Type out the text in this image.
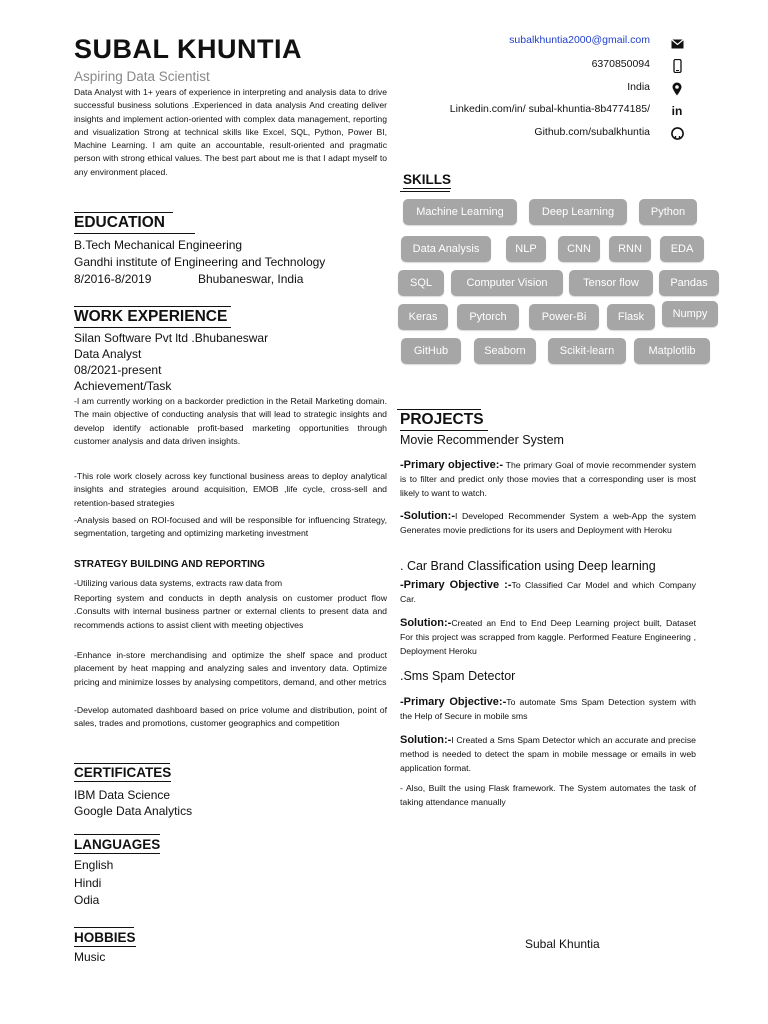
SUBAL KHUNTIA
Aspiring Data Scientist
Data Analyst with 1+ years of experience in interpreting and analysis data to drive successful business solutions .Experienced in data analysis And creating deliver insights and implement action-oriented with complex data management, reporting and visualization Strong at technical skills like Excel, SQL, Python, Power BI, Machine Learning. I am quite an accountable, result-oriented and pragmatic person with strong ethical values. The best part about me is that I adapt myself to any environment placed.
subalkhuntia2000@gmail.com
6370850094
India
Linkedin.com/in/ subal-khuntia-8b4774185/ in
Github.com/subalkhuntia
EDUCATION
B.Tech Mechanical Engineering
Gandhi institute of Engineering and Technology
8/2016-8/2019	Bhubaneswar, India
WORK EXPERIENCE
Silan Software Pvt ltd .Bhubaneswar
Data Analyst
08/2021-present
Achievement/Task
-I am currently working on a backorder prediction in the Retail Marketing domain. The main objective of conducting analysis that will lead to strategic insights and develop identify actionable profit-based marketing opportunities through customer analysis and data driven insights.
-This role work closely across key functional business areas to deploy analytical insights and strategies around acquisition, EMOB ,life cycle, cross-sell and retention-based strategies
-Analysis based on ROI-focused and will be responsible for influencing Strategy, segmentation, targeting and optimizing marketing investment
STRATEGY BUILDING AND REPORTING
-Utilizing various data systems, extracts raw data from
Reporting system and conducts in depth analysis on customer product flow .Consults with internal business partner or external clients to present data and recommends actions to assist client with meeting objectives
-Enhance in-store merchandising and optimize the shelf space and product placement by heat mapping and analyzing sales and inventory data. Optimize pricing and minimize losses by analysing competitors, demand, and other metrics
-Develop automated dashboard based on price volume and distribution, point of sales, trades and promotions, customer geographics and competition
CERTIFICATES
IBM Data Science
Google Data Analytics
LANGUAGES
English
Hindi
Odia
HOBBIES
Music
SKILLS
Machine Learning	Deep Learning	Python
Data Analysis	NLP	CNN	RNN	EDA
SQL	Computer Vision	Tensor flow	Pandas
Keras	Pytorch	Power-Bi	Flask	Numpy
GitHub	Seaborn	Scikit-learn	Matplotlib
PROJECTS
Movie Recommender System
-Primary objective:- The primary Goal of movie recommender system is to filter and predict only those movies that a corresponding user is most likely to want to watch.
-Solution:-I Developed Recommender System a web-App the system Generates movie predictions for its users and Deployment with Heroku
. Car Brand Classification using Deep learning
-Primary Objective :-To Classified Car Model and which Company Car.
Solution:-Created an End to End Deep Learning project built, Dataset For this project was scrapped from kaggle. Performed Feature Engineering , Deployment Heroku
.Sms Spam Detector
-Primary Objective:-To automate Sms Spam Detection system with the Help of Secure in mobile sms
Solution:-I Created a Sms Spam Detector which an accurate and precise method is needed to detect the spam in mobile message or emails in web application format.
- Also, Built the using Flask framework. The System automates the task of taking attendance manually
Subal Khuntia
